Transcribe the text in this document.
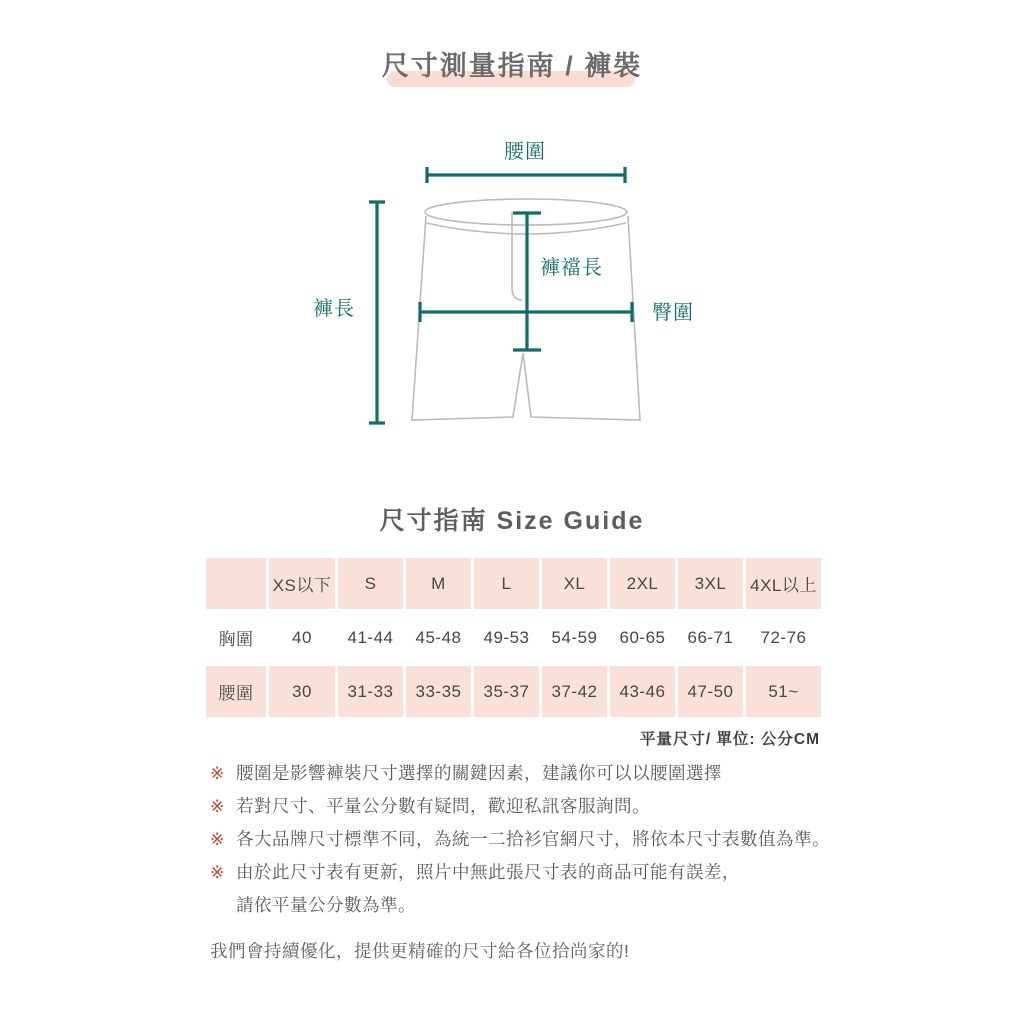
尺寸測量指南 / 褲裝
腰圍
褲長
褲襠長
臀圍
尺寸指南 Size Guide
	XS以下	S	M	L	XL	2XL	3XL	4XL以上
胸圍	40	41-44	45-48	49-53	54-59	60-65	66-71	72-76
腰圍	30	31-33	33-35	35-37	37-42	43-46	47-50	51~

平量尺寸/ 單位: 公分CM

※ 腰圍是影響褲裝尺寸選擇的關鍵因素，建議你可以以腰圍選擇
※ 若對尺寸、平量公分數有疑問，歡迎私訊客服詢問。
※ 各大品牌尺寸標準不同，為統一二拾衫官網尺寸，將依本尺寸表數值為準。
※ 由於此尺寸表有更新，照片中無此張尺寸表的商品可能有誤差，
請依平量公分數為準。
我們會持續優化，提供更精確的尺寸給各位拾尚家的!
